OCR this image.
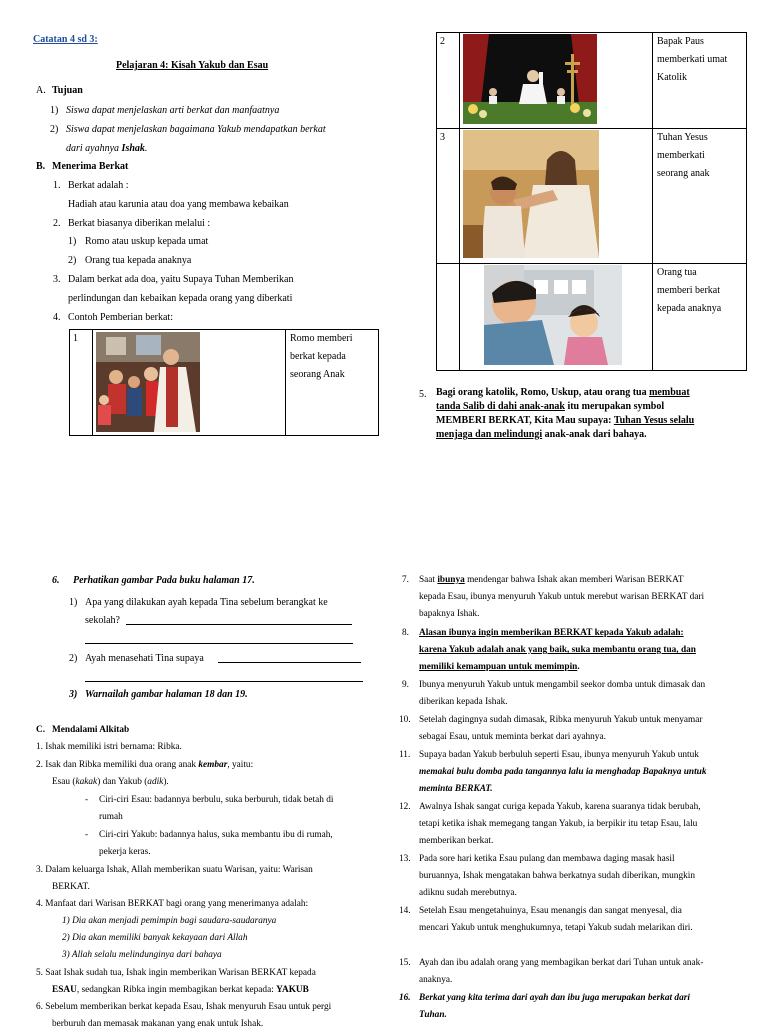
Catatan 4 sd 3:
Pelajaran 4: Kisah Yakub dan Esau
A. Tujuan
1) Siswa dapat menjelaskan arti berkat dan manfaatnya
2) Siswa dapat menjelaskan bagaimana Yakub mendapatkan berkat
dari ayahnya Ishak.
B. Menerima Berkat
1. Berkat adalah :
Hadiah atau karunia atau doa yang membawa kebaikan
2. Berkat biasanya diberikan melalui :
1) Romo atau uskup kepada umat
2) Orang tua kepada anaknya
3. Dalam berkat ada doa, yaitu Supaya Tuhan Memberikan
perlindungan dan kebaikan kepada orang yang diberkati
4. Contoh Pemberian berkat:
1		Romo memberi
berkat kepada
seorang Anak
2		Bapak Paus
memberkati umat
Katolik

3		Tuhan Yesus
memberkati
seorang anak

Orang tua
memberi berkat
kepada anaknya
5. Bagi orang katolik, Romo, Uskup, atau orang tua membuat
tanda Salib di dahi anak-anak itu merupakan symbol
MEMBERI BERKAT, Kita Mau supaya: Tuhan Yesus selalu
menjaga dan melindungi anak-anak dari bahaya.
6. Perhatikan gambar Pada buku halaman 17.
1) Apa yang dilakukan ayah kepada Tina sebelum berangkat ke
sekolah?
2) Ayah menasehati Tina supaya
3) Warnailah gambar halaman 18 dan 19.
C. Mendalami Alkitab
1. Ishak memiliki istri bernama: Ribka.
2. Isak dan Ribka memiliki dua orang anak kembar, yaitu:
Esau (kakak) dan Yakub (adik).
- Ciri-ciri Esau: badannya berbulu, suka berburuh, tidak betah di
rumah
- Ciri-ciri Yakub: badannya halus, suka membantu ibu di rumah,
pekerja keras.
3. Dalam keluarga Ishak, Allah memberikan suatu Warisan, yaitu: Warisan
BERKAT.
4. Manfaat dari Warisan BERKAT bagi orang yang menerimanya adalah:
1) Dia akan menjadi pemimpin bagi saudara-saudaranya
2) Dia akan memiliki banyak kekayaan dari Allah
3) Allah selalu melindunginya dari bahaya
5. Saat Ishak sudah tua, Ishak ingin memberikan Warisan BERKAT kepada
ESAU, sedangkan Ribka ingin membagikan berkat kepada: YAKUB
6. Sebelum memberikan berkat kepada Esau, Ishak menyuruh Esau untuk pergi
berburuh dan memasak makanan yang enak untuk Ishak.
7. Saat ibunya mendengar bahwa Ishak akan memberi Warisan BERKAT
kepada Esau, ibunya menyuruh Yakub untuk merebut warisan BERKAT dari
bapaknya Ishak.
8. Alasan ibunya ingin memberikan BERKAT kepada Yakub adalah:
karena Yakub adalah anak yang baik, suka membantu orang tua, dan
memiliki kemampuan untuk memimpin.
9. Ibunya menyuruh Yakub untuk mengambil seekor domba untuk dimasak dan
diberikan kepada Ishak.
10. Setelah dagingnya sudah dimasak, Ribka menyuruh Yakub untuk menyamar
sebagai Esau, untuk meminta berkat dari ayahnya.
11. Supaya badan Yakub berbuluh seperti Esau, ibunya menyuruh Yakub untuk
memakai bulu domba pada tangannya lalu ia menghadap Bapaknya untuk
meminta BERKAT.
12. Awalnya Ishak sangat curiga kepada Yakub, karena suaranya tidak berubah,
tetapi ketika ishak memegang tangan Yakub, ia berpikir itu tetap Esau, lalu
memberikan berkat.
13. Pada sore hari ketika Esau pulang dan membawa daging masak hasil
buruannya, Ishak mengatakan bahwa berkatnya sudah diberikan, mungkin
adiknu sudah merebutnya.
14. Setelah Esau mengetahuinya, Esau menangis dan sangat menyesal, dia
mencari Yakub untuk menghukumnya, tetapi Yakub sudah melarikan diri.
15. Ayah dan ibu adalah orang yang membagikan berkat dari Tuhan untuk anak-
anaknya.
16. Berkat yang kita terima dari ayah dan ibu juga merupakan berkat dari
Tuhan.
